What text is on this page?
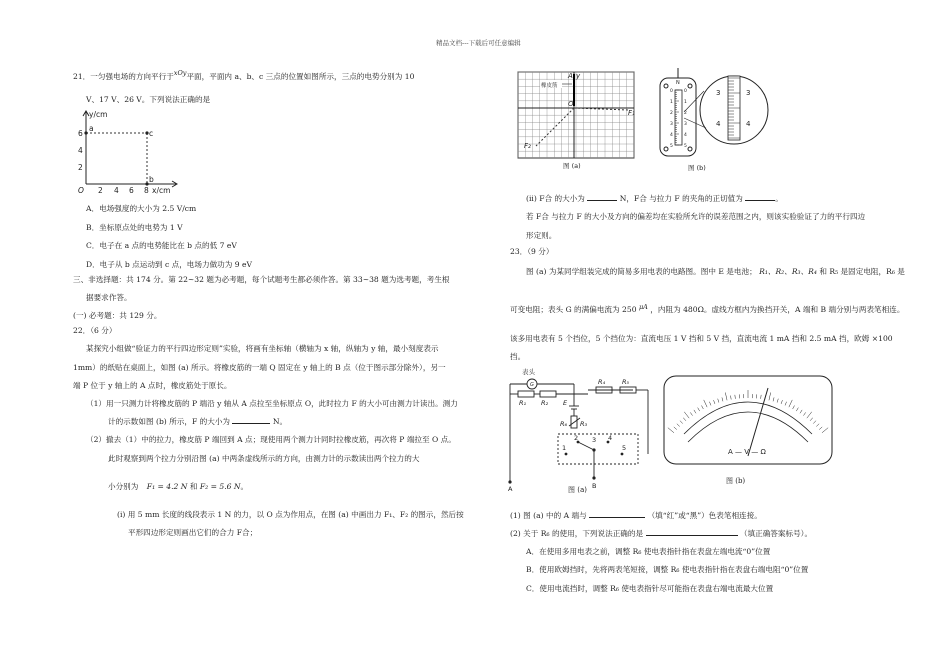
精品文档---下载后可任意编辑
21．一匀强电场的方向平行于xOy平面，平面内 a、b、c 三点的位置如图所示，三点的电势分别为 10
V、17 V、26 V。下列说法正确的是
y/cm
6
4
2
O 2 4 6 8 x/cm
a
c
b
A．电场强度的大小为 2.5 V/cm
B．坐标原点处的电势为 1 V
C．电子在 a 点的电势能比在 b 点的低 7 eV
D．电子从 b 点运动到 c 点，电场力做功为 9 eV
三、非选择题：共 174 分。第 22~32 题为必考题，每个试题考生都必须作答。第 33~38 题为选考题，考生根
据要求作答。
(一) 必考题：共 129 分。
22．（6 分）
某探究小组做“验证力的平行四边形定则”实验，将画有坐标轴（横轴为 x 轴，纵轴为 y 轴，最小刻度表示
1mm）的纸贴在桌面上，如图 (a) 所示。将橡皮筋的一端 Q 固定在 y 轴上的 B 点（位于图示部分除外），另一
端 P 位于 y 轴上的 A 点时，橡皮筋处于原长。
（1）用一只测力计将橡皮筋的 P 端沿 y 轴从 A 点拉至坐标原点 O，此时拉力 F 的大小可由测力计读出。测力
计的示数如图 (b) 所示，F 的大小为	N。
（2）撤去（1）中的拉力，橡皮筋 P 端回到 A 点；现使用两个测力计同时拉橡皮筋，再次将 P 端拉至 O 点。
此时观察到两个拉力分别沿图 (a) 中两条虚线所示的方向，由测力计的示数读出两个拉力的大
小分别为 F₁ = 4.2 N 和 F₂ = 5.6 N。
(i) 用 5 mm 长度的线段表示 1 N 的力，以 O 点为作用点，在图 (a) 中画出力 F₁、F₂ 的图示，然后按
平形四边形定则画出它们的合力 F合；
A y
O
橡皮筋
F₁
F₂
图 (a)
N
0 0
1 1
2 2
3 3
4 4
5 5
3	3
4	4
图 (b)
(ii) F合 的大小为	N，F合 与拉力 F 的夹角的正切值为	。
若 F合 与拉力 F 的大小及方向的偏差均在实验所允许的误差范围之内，则该实验验证了力的平行四边
形定则。
23．（9 分）
图 (a) 为某同学组装完成的简易多用电表的电路图。图中 E 是电池； R₁、R₂、R₃、R₄ 和 R₅ 是固定电阻，R₆ 是
可变电阻；表头 G 的满偏电流为 250 μA ，内阻为 480Ω。虚线方框内为换挡开关，A 端和 B 端分别与两表笔相连。
该多用电表有 5 个挡位，5 个挡位为：直流电压 1 V 挡和 5 V 挡，直流电流 1 mA 挡和 2.5 mA 挡，欧姆 ×100
挡。
表头
G
R₁ R₂
R₄	R₅
E
R₃
R₆
1
2 3 4
5
A	B
图 (a)
A — V — Ω
图 (b)
(1) 图 (a) 中的 A 端与	（填“红”或“黑”）色表笔相连接。
(2) 关于 R₆ 的使用，下列说法正确的是	（填正确答案标号）。
A．在使用多用电表之前，调整 R₆ 使电表指针指在表盘左端电流“0”位置
B．使用欧姆挡时，先将两表笔短接，调整 R₆ 使电表指针指在表盘右端电阻“0”位置
C．使用电流挡时，调整 R₆ 使电表指针尽可能指在表盘右端电流最大位置
